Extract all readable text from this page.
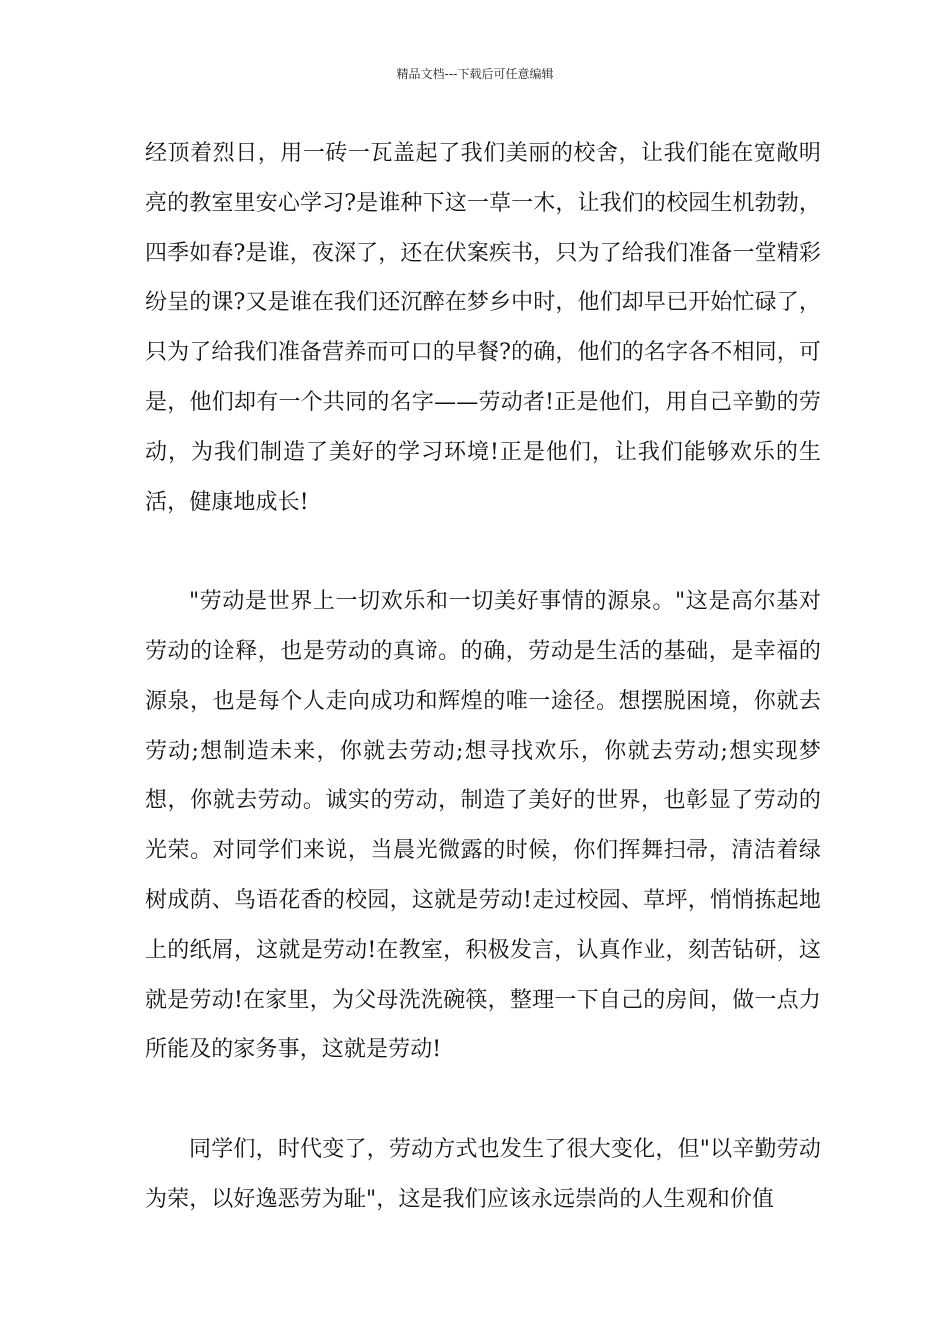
精品文档---下载后可任意编辑

经顶着烈日，用一砖一瓦盖起了我们美丽的校舍，让我们能在宽敞明亮的教室里安心学习?是谁种下这一草一木，让我们的校园生机勃勃，四季如春?是谁，夜深了，还在伏案疾书，只为了给我们准备一堂精彩纷呈的课?又是谁在我们还沉醉在梦乡中时，他们却早已开始忙碌了，只为了给我们准备营养而可口的早餐?的确，他们的名字各不相同，可是，他们却有一个共同的名字——劳动者!正是他们，用自己辛勤的劳动，为我们制造了美好的学习环境!正是他们，让我们能够欢乐的生活，健康地成长!

"劳动是世界上一切欢乐和一切美好事情的源泉。"这是高尔基对劳动的诠释，也是劳动的真谛。的确，劳动是生活的基础，是幸福的源泉，也是每个人走向成功和辉煌的唯一途径。想摆脱困境，你就去劳动;想制造未来，你就去劳动;想寻找欢乐，你就去劳动;想实现梦想，你就去劳动。诚实的劳动，制造了美好的世界，也彰显了劳动的光荣。对同学们来说，当晨光微露的时候，你们挥舞扫帚，清洁着绿树成荫、鸟语花香的校园，这就是劳动!走过校园、草坪，悄悄拣起地上的纸屑，这就是劳动!在教室，积极发言，认真作业，刻苦钻研，这就是劳动!在家里，为父母洗洗碗筷，整理一下自己的房间，做一点力所能及的家务事，这就是劳动!

同学们，时代变了，劳动方式也发生了很大变化，但"以辛勤劳动为荣，以好逸恶劳为耻"，这是我们应该永远崇尚的人生观和价值
